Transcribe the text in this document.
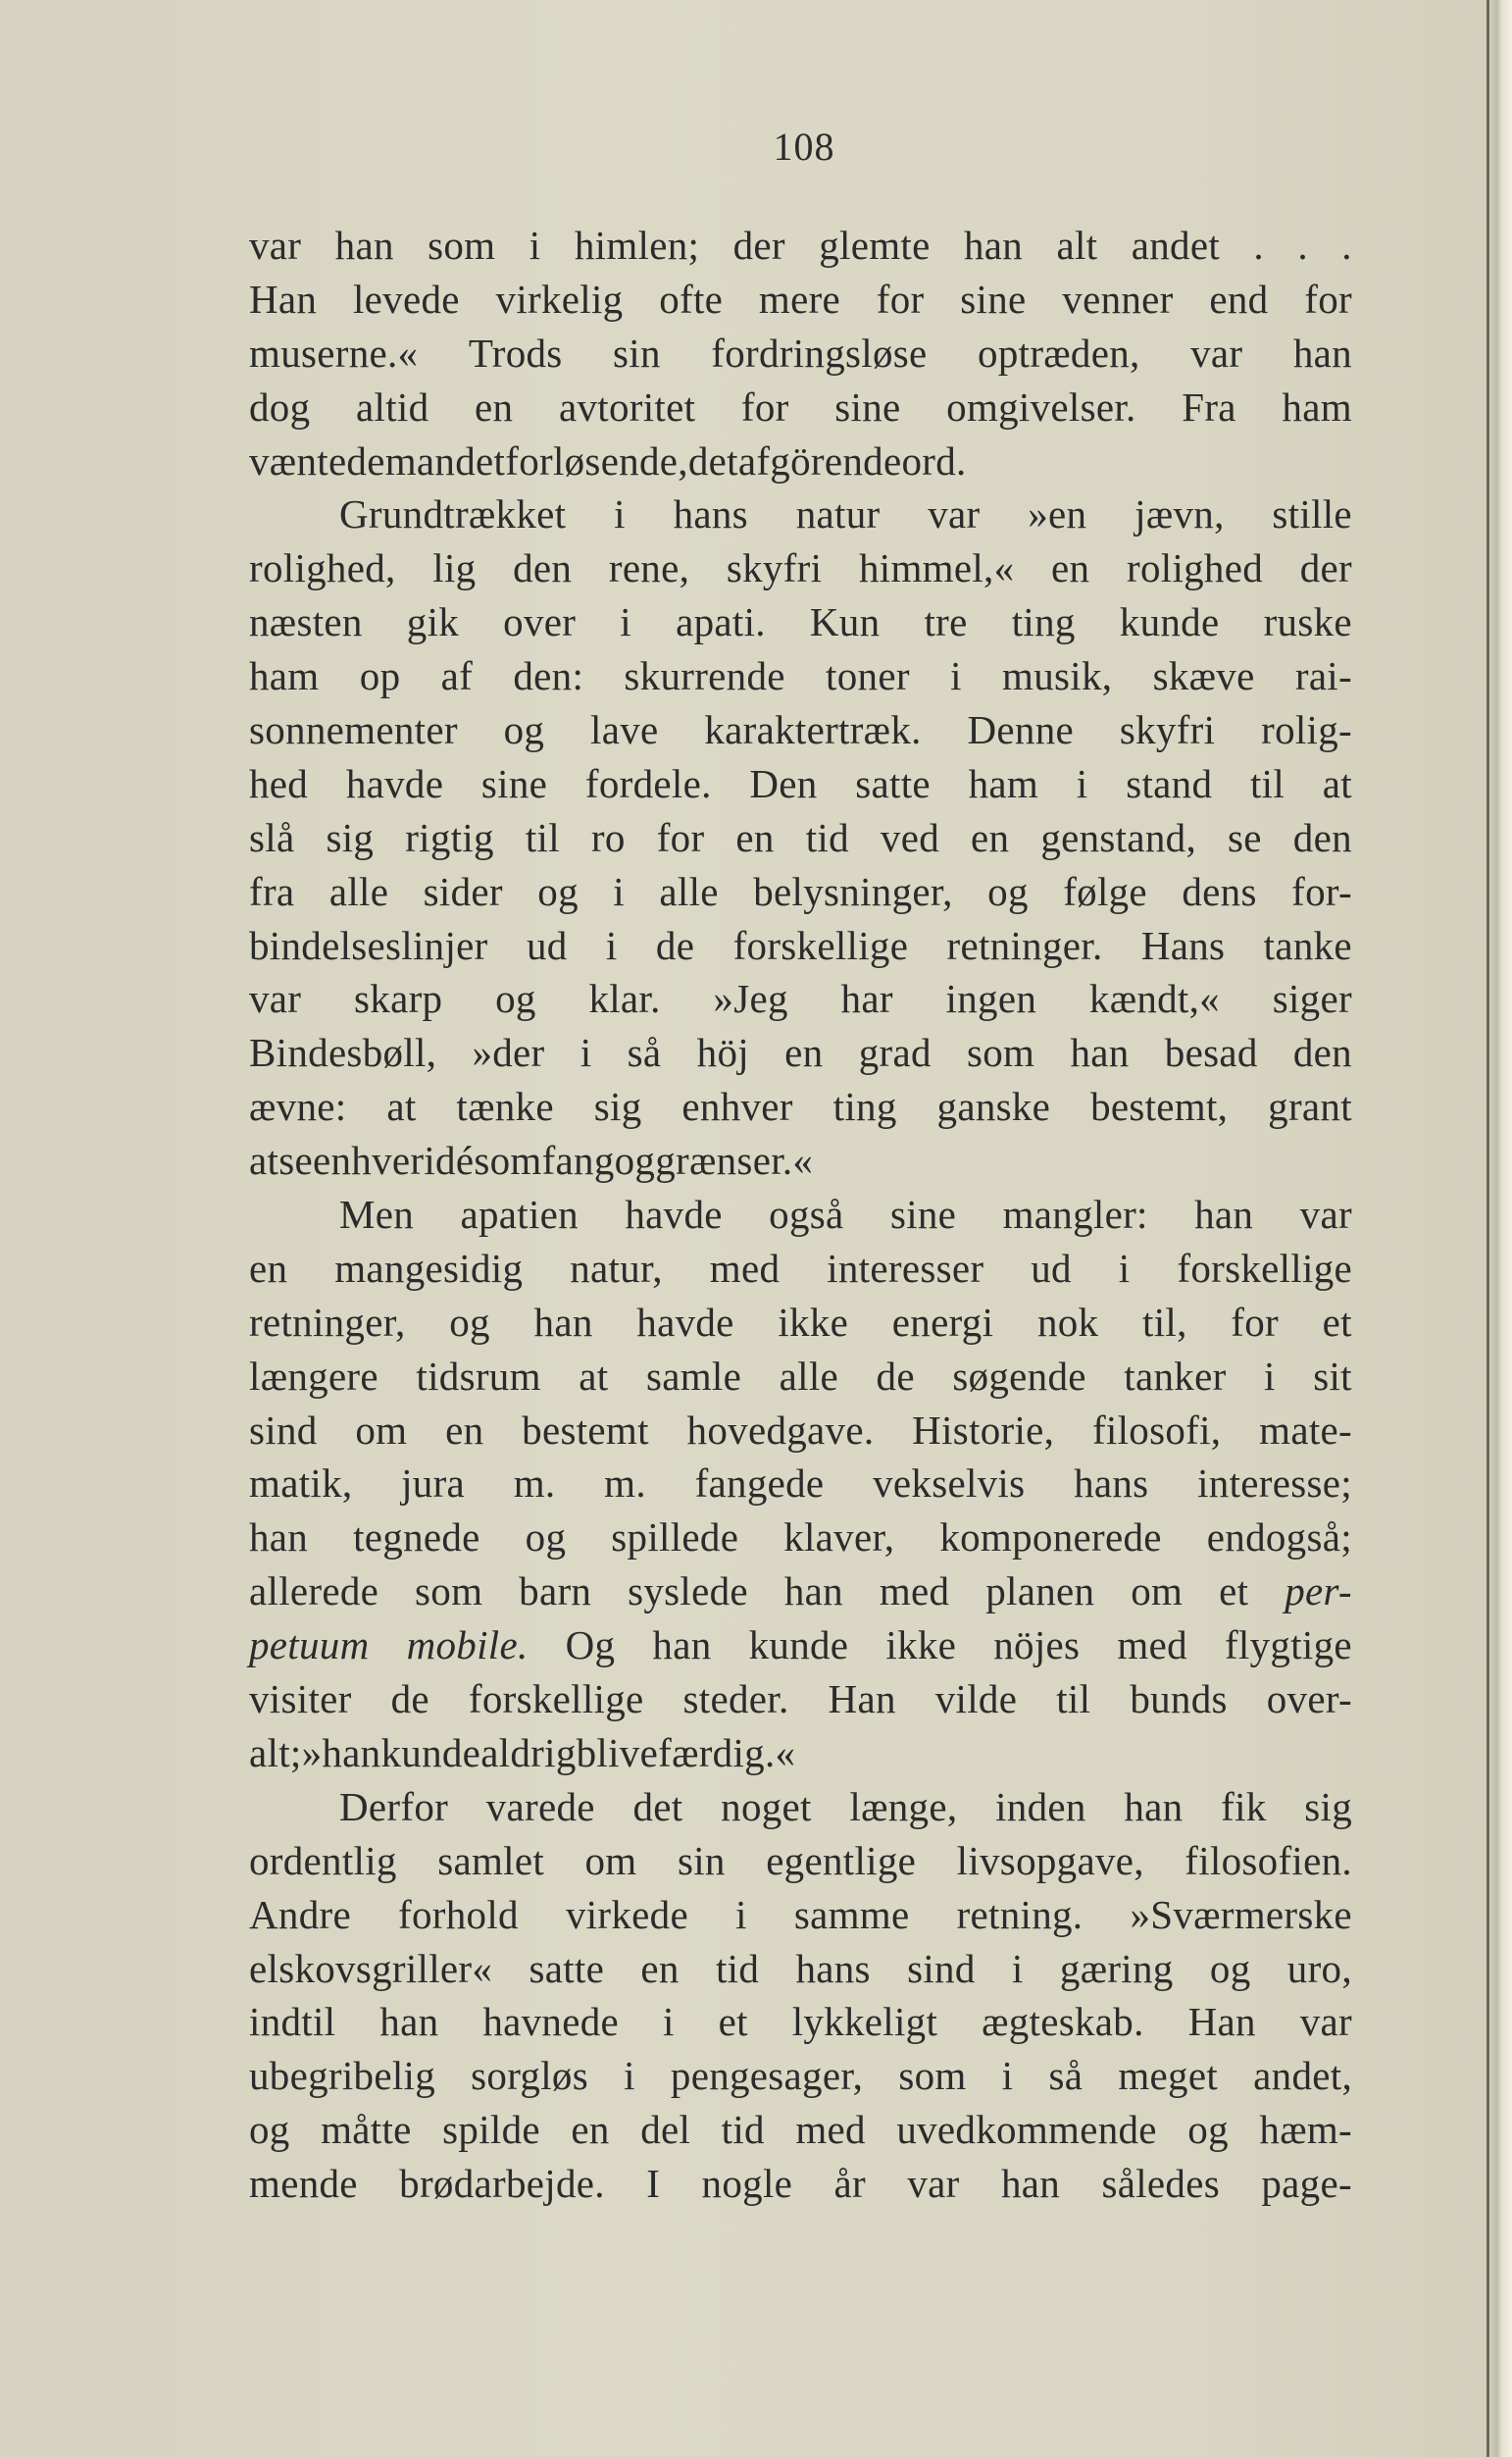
108
var han som i himlen; der glemte han alt andet . . .
Han levede virkelig ofte mere for sine venner end for
muserne.« Trods sin fordringsløse optræden, var han
dog altid en avtoritet for sine omgivelser. Fra ham
væntede man det forløsende, det afgörende ord.
Grundtrækket i hans natur var »en jævn, stille
rolighed, lig den rene, skyfri himmel,« en rolighed der
næsten gik over i apati. Kun tre ting kunde ruske
ham op af den: skurrende toner i musik, skæve rai-
sonnementer og lave karaktertræk. Denne skyfri rolig-
hed havde sine fordele. Den satte ham i stand til at
slå sig rigtig til ro for en tid ved en genstand, se den
fra alle sider og i alle belysninger, og følge dens for-
bindelseslinjer ud i de forskellige retninger. Hans tanke
var skarp og klar. »Jeg har ingen kændt,« siger
Bindesbøll, »der i så höj en grad som han besad den
ævne: at tænke sig enhver ting ganske bestemt, grant
at se enhver idés omfang og grænser.«
Men apatien havde også sine mangler: han var
en mangesidig natur, med interesser ud i forskellige
retninger, og han havde ikke energi nok til, for et
længere tidsrum at samle alle de søgende tanker i sit
sind om en bestemt hovedgave. Historie, filosofi, mate-
matik, jura m. m. fangede vekselvis hans interesse;
han tegnede og spillede klaver, komponerede endogså;
allerede som barn syslede han med planen om et per-
petuum mobile. Og han kunde ikke nöjes med flygtige
visiter de forskellige steder. Han vilde til bunds over-
alt; »han kunde aldrig blive færdig.«
Derfor varede det noget længe, inden han fik sig
ordentlig samlet om sin egentlige livsopgave, filosofien.
Andre forhold virkede i samme retning. »Sværmerske
elskovsgriller« satte en tid hans sind i gæring og uro,
indtil han havnede i et lykkeligt ægteskab. Han var
ubegribelig sorgløs i pengesager, som i så meget andet,
og måtte spilde en del tid med uvedkommende og hæm-
mende brødarbejde. I nogle år var han således page-
